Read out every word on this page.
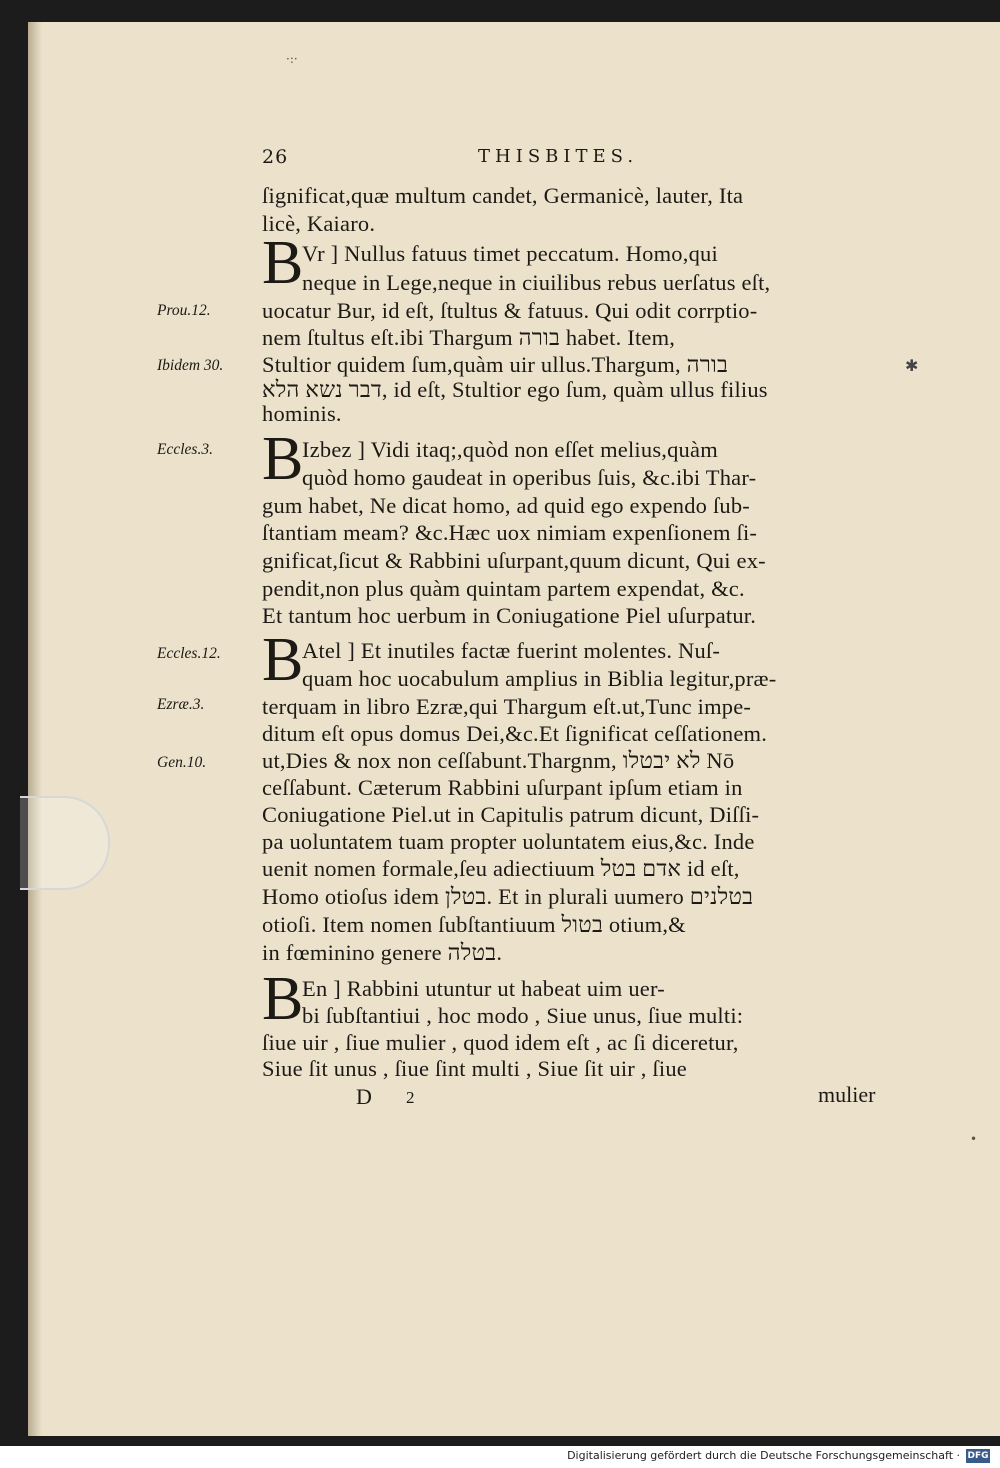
·:·
✱
•
26	THISBITES.
Prou.12.
Ibidem 30.
Eccles.3.
Eccles.12.
Ezræ.3.
Gen.10.
ſignificat,quæ multum candet, Germanicè, lauter, Ita
licè, Kaiaro.
B
Vr ] Nullus fatuus timet peccatum. Homo,qui
neque in Lege,neque in ciuilibus rebus uerſatus eſt,
uocatur Bur, id eſt, ſtultus & fatuus. Qui odit corrptio-
nem ſtultus eſt.ibi Thargum בורה habet. Item,
Stultior quidem ſum,quàm uir ullus.Thargum, בורה
דבר נשא הלא, id eſt, Stultior ego ſum, quàm ullus filius
hominis.
B
Izbez ] Vidi itaq;,quòd non eſſet melius,quàm
quòd homo gaudeat in operibus ſuis, &c.ibi Thar-
gum habet, Ne dicat homo, ad quid ego expendo ſub-
ſtantiam meam? &c.Hæc uox nimiam expenſionem ſi-
gnificat,ſicut & Rabbini uſurpant,quum dicunt, Qui ex-
pendit,non plus quàm quintam partem expendat, &c.
Et tantum hoc uerbum in Coniugatione Piel uſurpatur.
B
Atel ] Et inutiles factæ fuerint molentes. Nuſ-
quam hoc uocabulum amplius in Biblia legitur,præ-
terquam in libro Ezræ,qui Thargum eſt.ut,Tunc impe-
ditum eſt opus domus Dei,&c.Et ſignificat ceſſationem.
ut,Dies & nox non ceſſabunt.Thargnm, לא יבטלו Nō
ceſſabunt. Cæterum Rabbini uſurpant ipſum etiam in
Coniugatione Piel.ut in Capitulis patrum dicunt, Diſſi-
pa uoluntatem tuam propter uoluntatem eius,&c. Inde
uenit nomen formale,ſeu adiectiuum אדם בטל id eſt,
Homo otioſus idem בטלן. Et in plurali uumero בטלנים
otioſi. Item nomen ſubſtantiuum בטול otium,&
in fœminino genere בטלה.
B
En ] Rabbini utuntur ut habeat uim uer-
bi ſubſtantiui , hoc modo , Siue unus, ſiue multi:
ſiue uir , ſiue mulier , quod idem eſt , ac ſi diceretur,
Siue ſit unus , ſiue ſint multi , Siue ſit uir , ſiue
D 2	mulier
Digitalisierung gefördert durch die Deutsche Forschungsgemeinschaft · DFG
